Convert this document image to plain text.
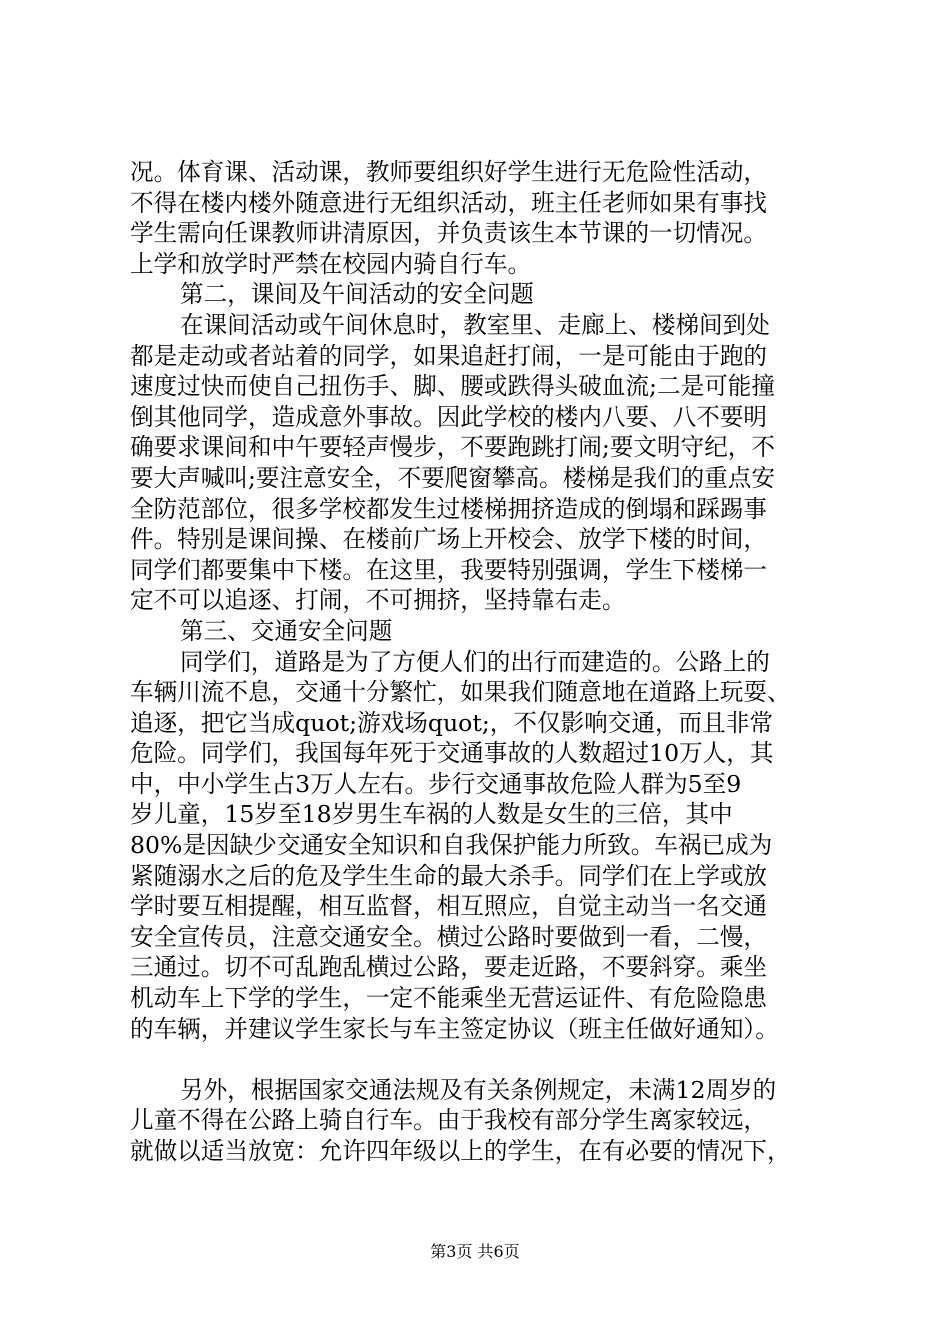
况。体育课、活动课，教师要组织好学生进行无危险性活动，
不得在楼内楼外随意进行无组织活动，班主任老师如果有事找
学生需向任课教师讲清原因，并负责该生本节课的一切情况。
上学和放学时严禁在校园内骑自行车。
第二，课间及午间活动的安全问题
在课间活动或午间休息时，教室里、走廊上、楼梯间到处
都是走动或者站着的同学，如果追赶打闹，一是可能由于跑的
速度过快而使自己扭伤手、脚、腰或跌得头破血流;二是可能撞
倒其他同学，造成意外事故。因此学校的楼内八要、八不要明
确要求课间和中午要轻声慢步，不要跑跳打闹;要文明守纪，不
要大声喊叫;要注意安全，不要爬窗攀高。楼梯是我们的重点安
全防范部位，很多学校都发生过楼梯拥挤造成的倒塌和踩踢事
件。特别是课间操、在楼前广场上开校会、放学下楼的时间，
同学们都要集中下楼。在这里，我要特别强调，学生下楼梯一
定不可以追逐、打闹，不可拥挤，坚持靠右走。
第三、交通安全问题
同学们，道路是为了方便人们的出行而建造的。公路上的
车辆川流不息，交通十分繁忙，如果我们随意地在道路上玩耍、
追逐，把它当成quot;游戏场quot;，不仅影响交通，而且非常
危险。同学们，我国每年死于交通事故的人数超过10万人，其
中，中小学生占3万人左右。步行交通事故危险人群为5至9
岁儿童，15岁至18岁男生车祸的人数是女生的三倍，其中
80%是因缺少交通安全知识和自我保护能力所致。车祸已成为
紧随溺水之后的危及学生生命的最大杀手。同学们在上学或放
学时要互相提醒，相互监督，相互照应，自觉主动当一名交通
安全宣传员，注意交通安全。横过公路时要做到一看，二慢，
三通过。切不可乱跑乱横过公路，要走近路，不要斜穿。乘坐
机动车上下学的学生，一定不能乘坐无营运证件、有危险隐患
的车辆，并建议学生家长与车主签定协议（班主任做好通知）。
另外，根据国家交通法规及有关条例规定，未满12周岁的
儿童不得在公路上骑自行车。由于我校有部分学生离家较远，
就做以适当放宽：允许四年级以上的学生，在有必要的情况下，
第3页 共6页
